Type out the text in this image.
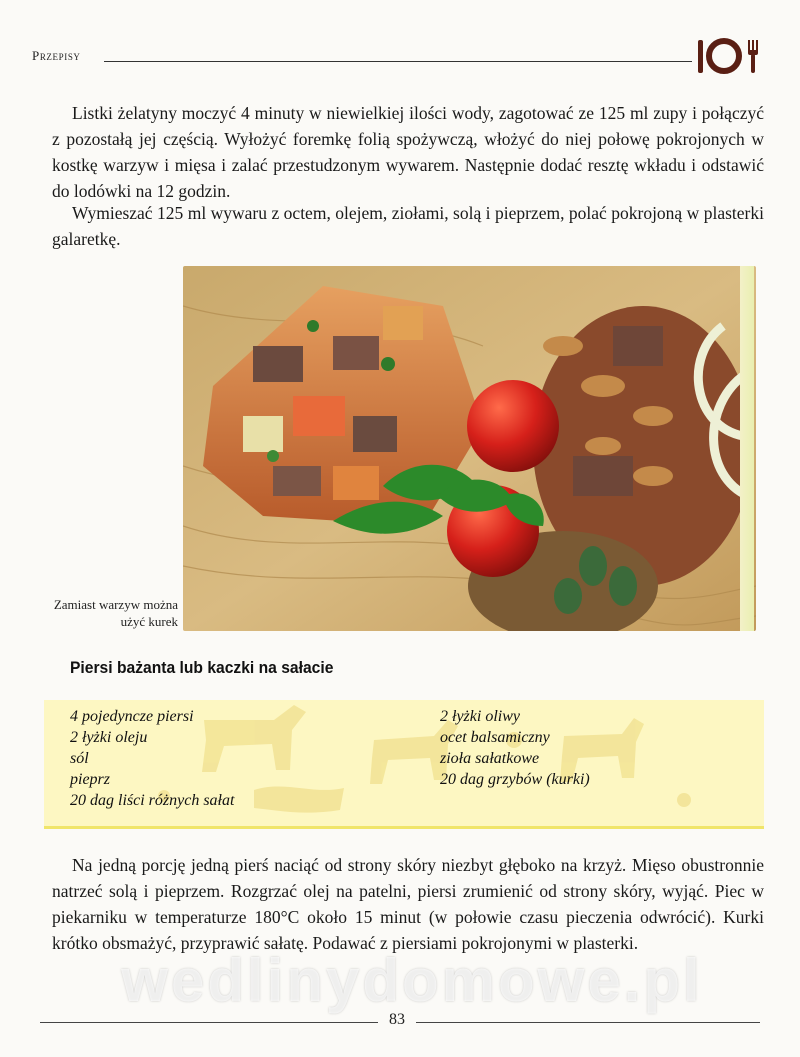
Przepisy

Listki żelatyny moczyć 4 minuty w niewielkiej ilości wody, zagotować ze 125 ml zupy i połączyć z pozostałą jej częścią. Wyłożyć foremkę folią spożywczą, włożyć do niej połowę pokrojonych w kostkę warzyw i mięsa i zalać przestudzonym wywarem. Następnie dodać resztę wkładu i odstawić do lodówki na 12 godzin.

Wymieszać 125 ml wywaru z octem, olejem, ziołami, solą i pieprzem, polać pokrojoną w plasterki galaretkę.

Zamiast warzyw można
użyć kurek
Piersi bażanta lub kaczki na sałacie
4 pojedyncze piersi
2 łyżki oleju
sól
pieprz
20 dag liści różnych sałat
2 łyżki oliwy
ocet balsamiczny
zioła sałatkowe
20 dag grzybów (kurki)

Na jedną porcję jedną pierś naciąć od strony skóry niezbyt głęboko na krzyż. Mięso obustronnie natrzeć solą i pieprzem. Rozgrzać olej na patelni, piersi zrumienić od strony skóry, wyjąć. Piec w piekarniku w temperaturze 180°C około 15 minut (w połowie czasu pieczenia odwrócić). Kurki krótko obsmażyć, przyprawić sałatę. Podawać z piersiami pokrojonymi w plasterki.

wedlinydomowe.pl
83
